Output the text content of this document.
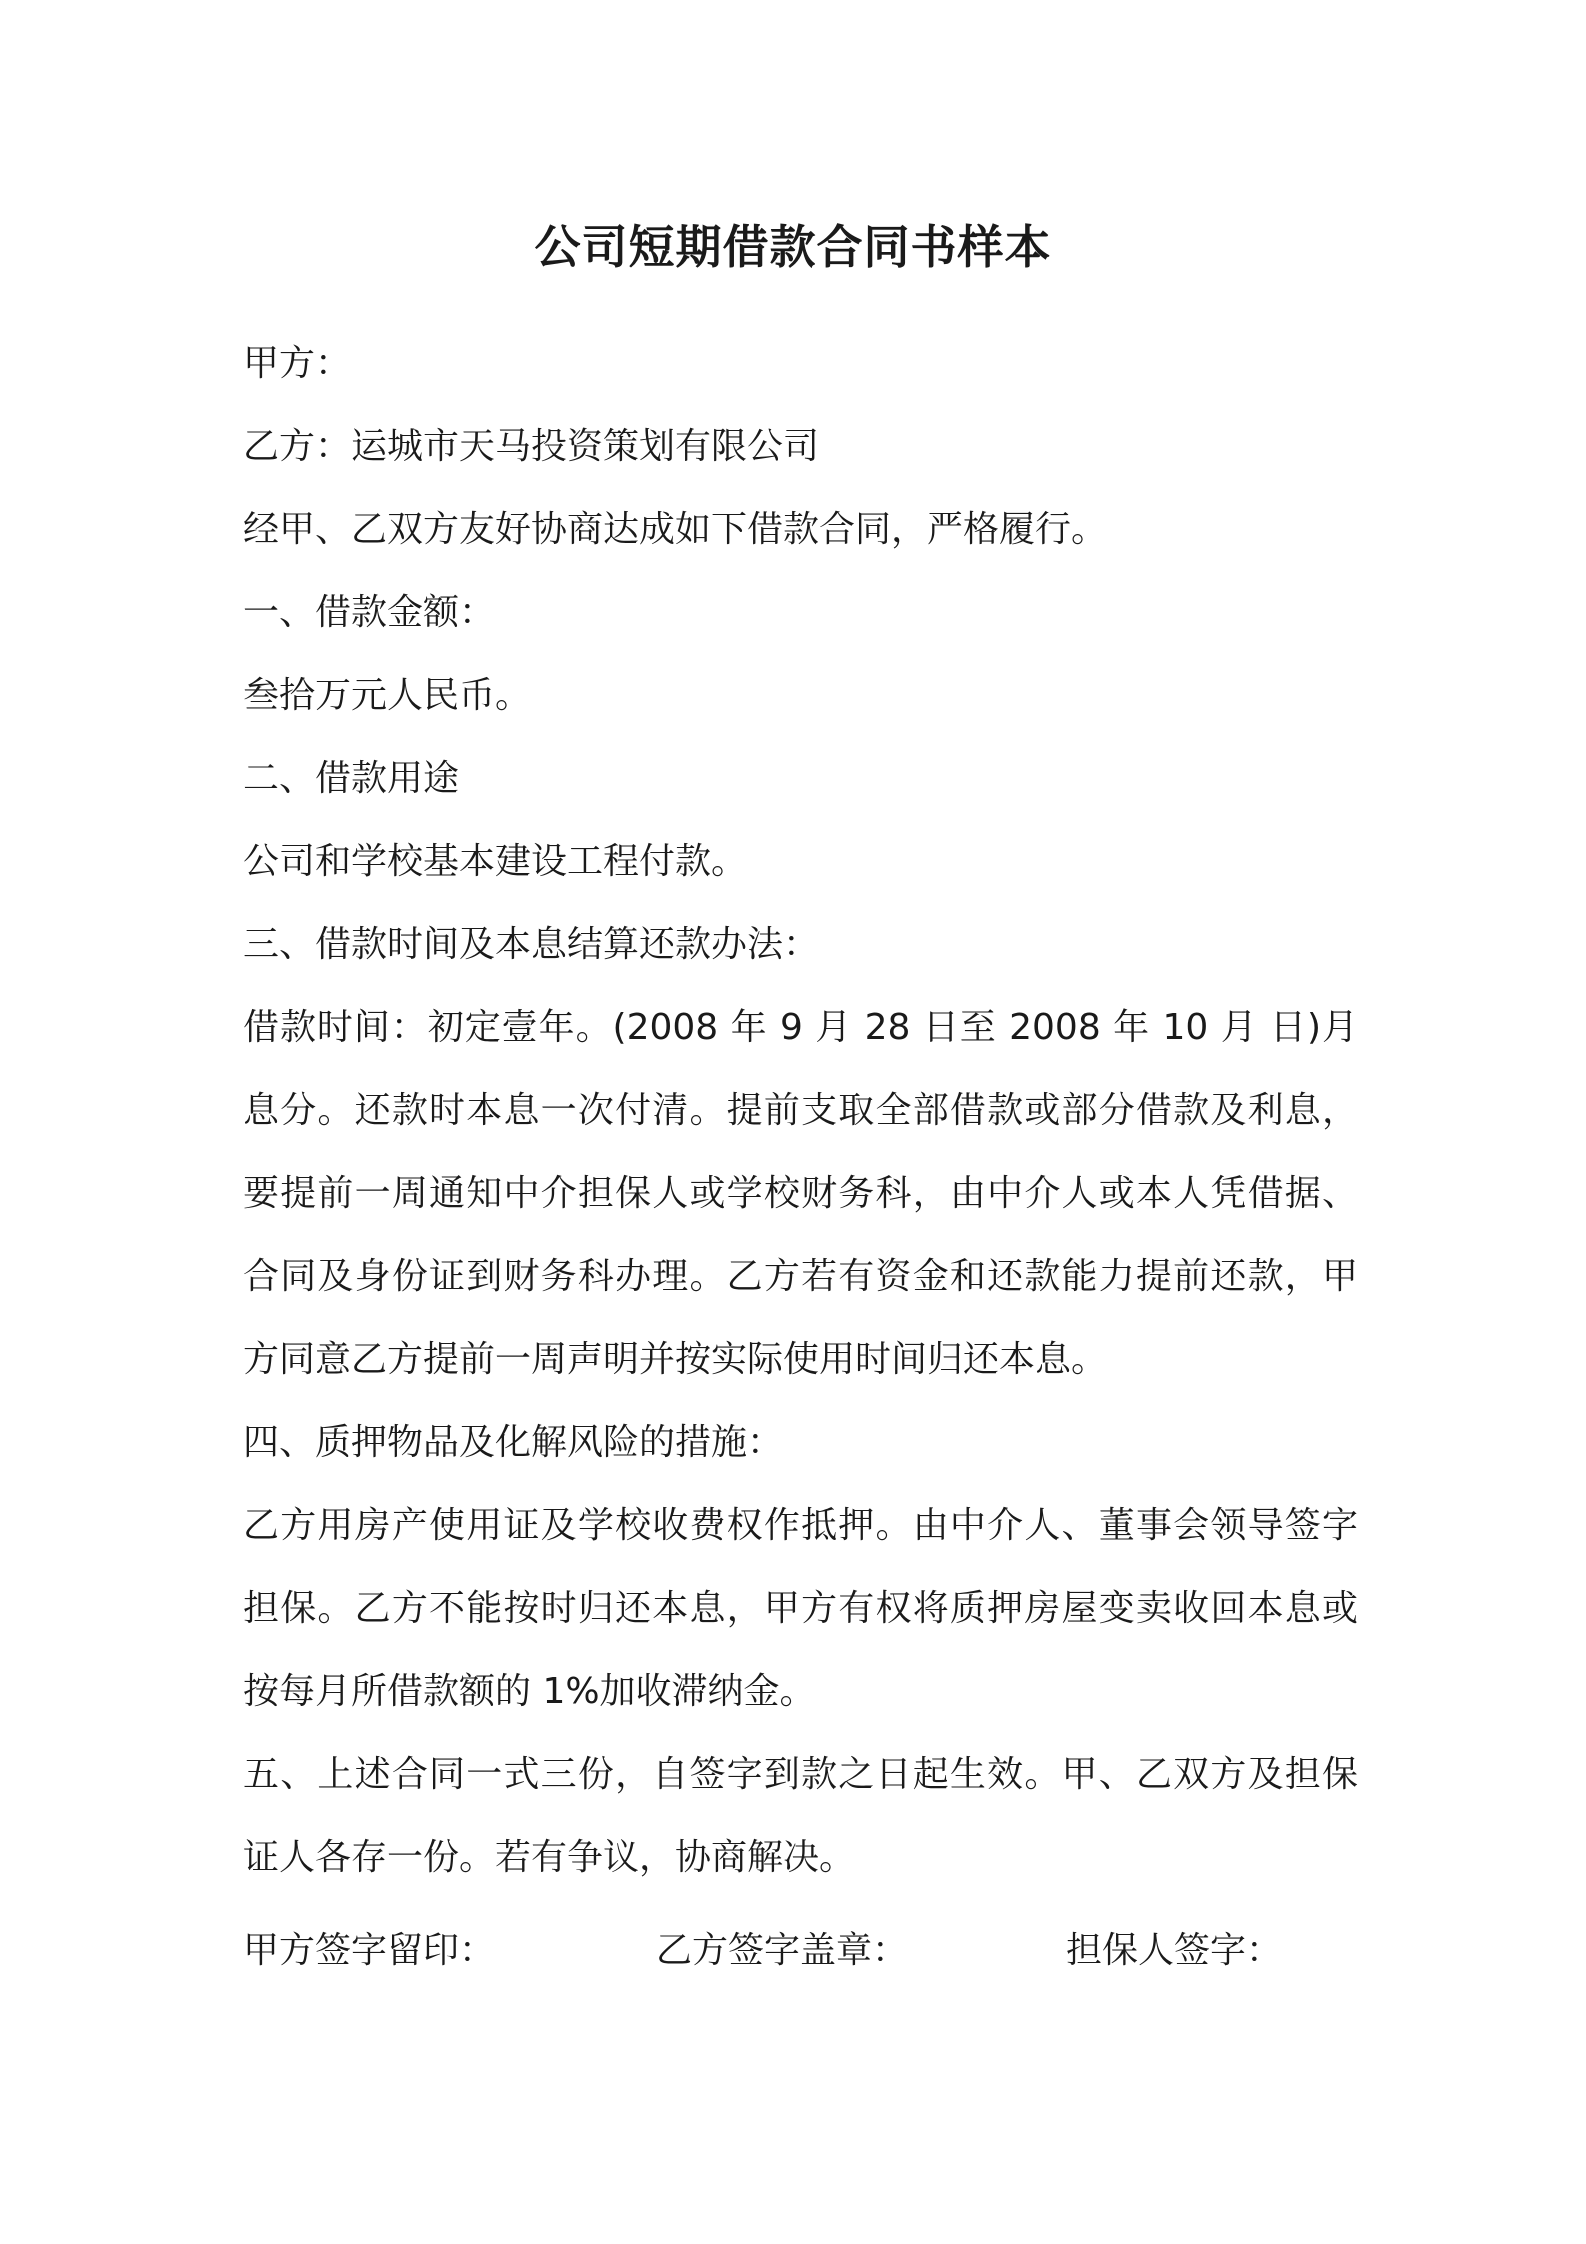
公司短期借款合同书样本

甲方：

乙方：运城市天马投资策划有限公司

经甲、乙双方友好协商达成如下借款合同，严格履行。

一、借款金额：

叁拾万元人民币。

二、借款用途

公司和学校基本建设工程付款。

三、借款时间及本息结算还款办法：

借款时间：初定壹年。(2008 年 9 月 28 日至 2008 年 10 月 日)月息分。还款时本息一次付清。提前支取全部借款或部分借款及利息，要提前一周通知中介担保人或学校财务科，由中介人或本人凭借据、合同及身份证到财务科办理。乙方若有资金和还款能力提前还款，甲方同意乙方提前一周声明并按实际使用时间归还本息。

四、质押物品及化解风险的措施：

乙方用房产使用证及学校收费权作抵押。由中介人、董事会领导签字担保。乙方不能按时归还本息，甲方有权将质押房屋变卖收回本息或按每月所借款额的 1%加收滞纳金。

五、上述合同一式三份，自签字到款之日起生效。甲、乙双方及担保证人各存一份。若有争议，协商解决。

甲方签字留印：	乙方签字盖章：	担保人签字：
